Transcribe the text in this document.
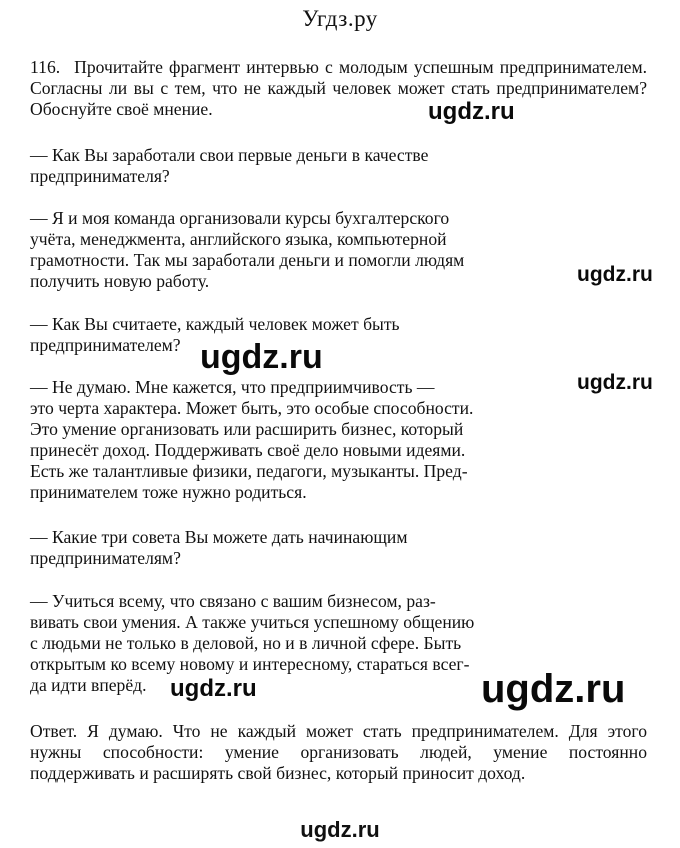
Угдз.ру
116. Прочитайте фрагмент интервью с молодым успешным предпринимателем. Согласны ли вы с тем, что не каждый человек может стать предпринимателем? Обоснуйте своё мнение.
— Как Вы заработали свои первые деньги в качестве
предпринимателя?
— Я и моя команда организовали курсы бухгалтерского
учёта, менеджмента, английского языка, компьютерной
грамотности. Так мы заработали деньги и помогли людям
получить новую работу.
— Как Вы считаете, каждый человек может быть
предпринимателем?
— Не думаю. Мне кажется, что предприимчивость —
это черта характера. Может быть, это особые способности.
Это умение организовать или расширить бизнес, который
принесёт доход. Поддерживать своё дело новыми идеями.
Есть же талантливые физики, педагоги, музыканты. Пред-
принимателем тоже нужно родиться.
— Какие три совета Вы можете дать начинающим
предпринимателям?
— Учиться всему, что связано с вашим бизнесом, раз-
вивать свои умения. А также учиться успешному общению
с людьми не только в деловой, но и в личной сфере. Быть
открытым ко всему новому и интересному, стараться всег-
да идти вперёд.
Ответ. Я думаю. Что не каждый может стать предпринимателем. Для этого нужны способности: умение организовать людей, умение постоянно поддерживать и расширять свой бизнес, который приносит доход.
ugdz.ru
ugdz.ru
ugdz.ru
ugdz.ru
ugdz.ru	ugdz.ru
ugdz.ru
